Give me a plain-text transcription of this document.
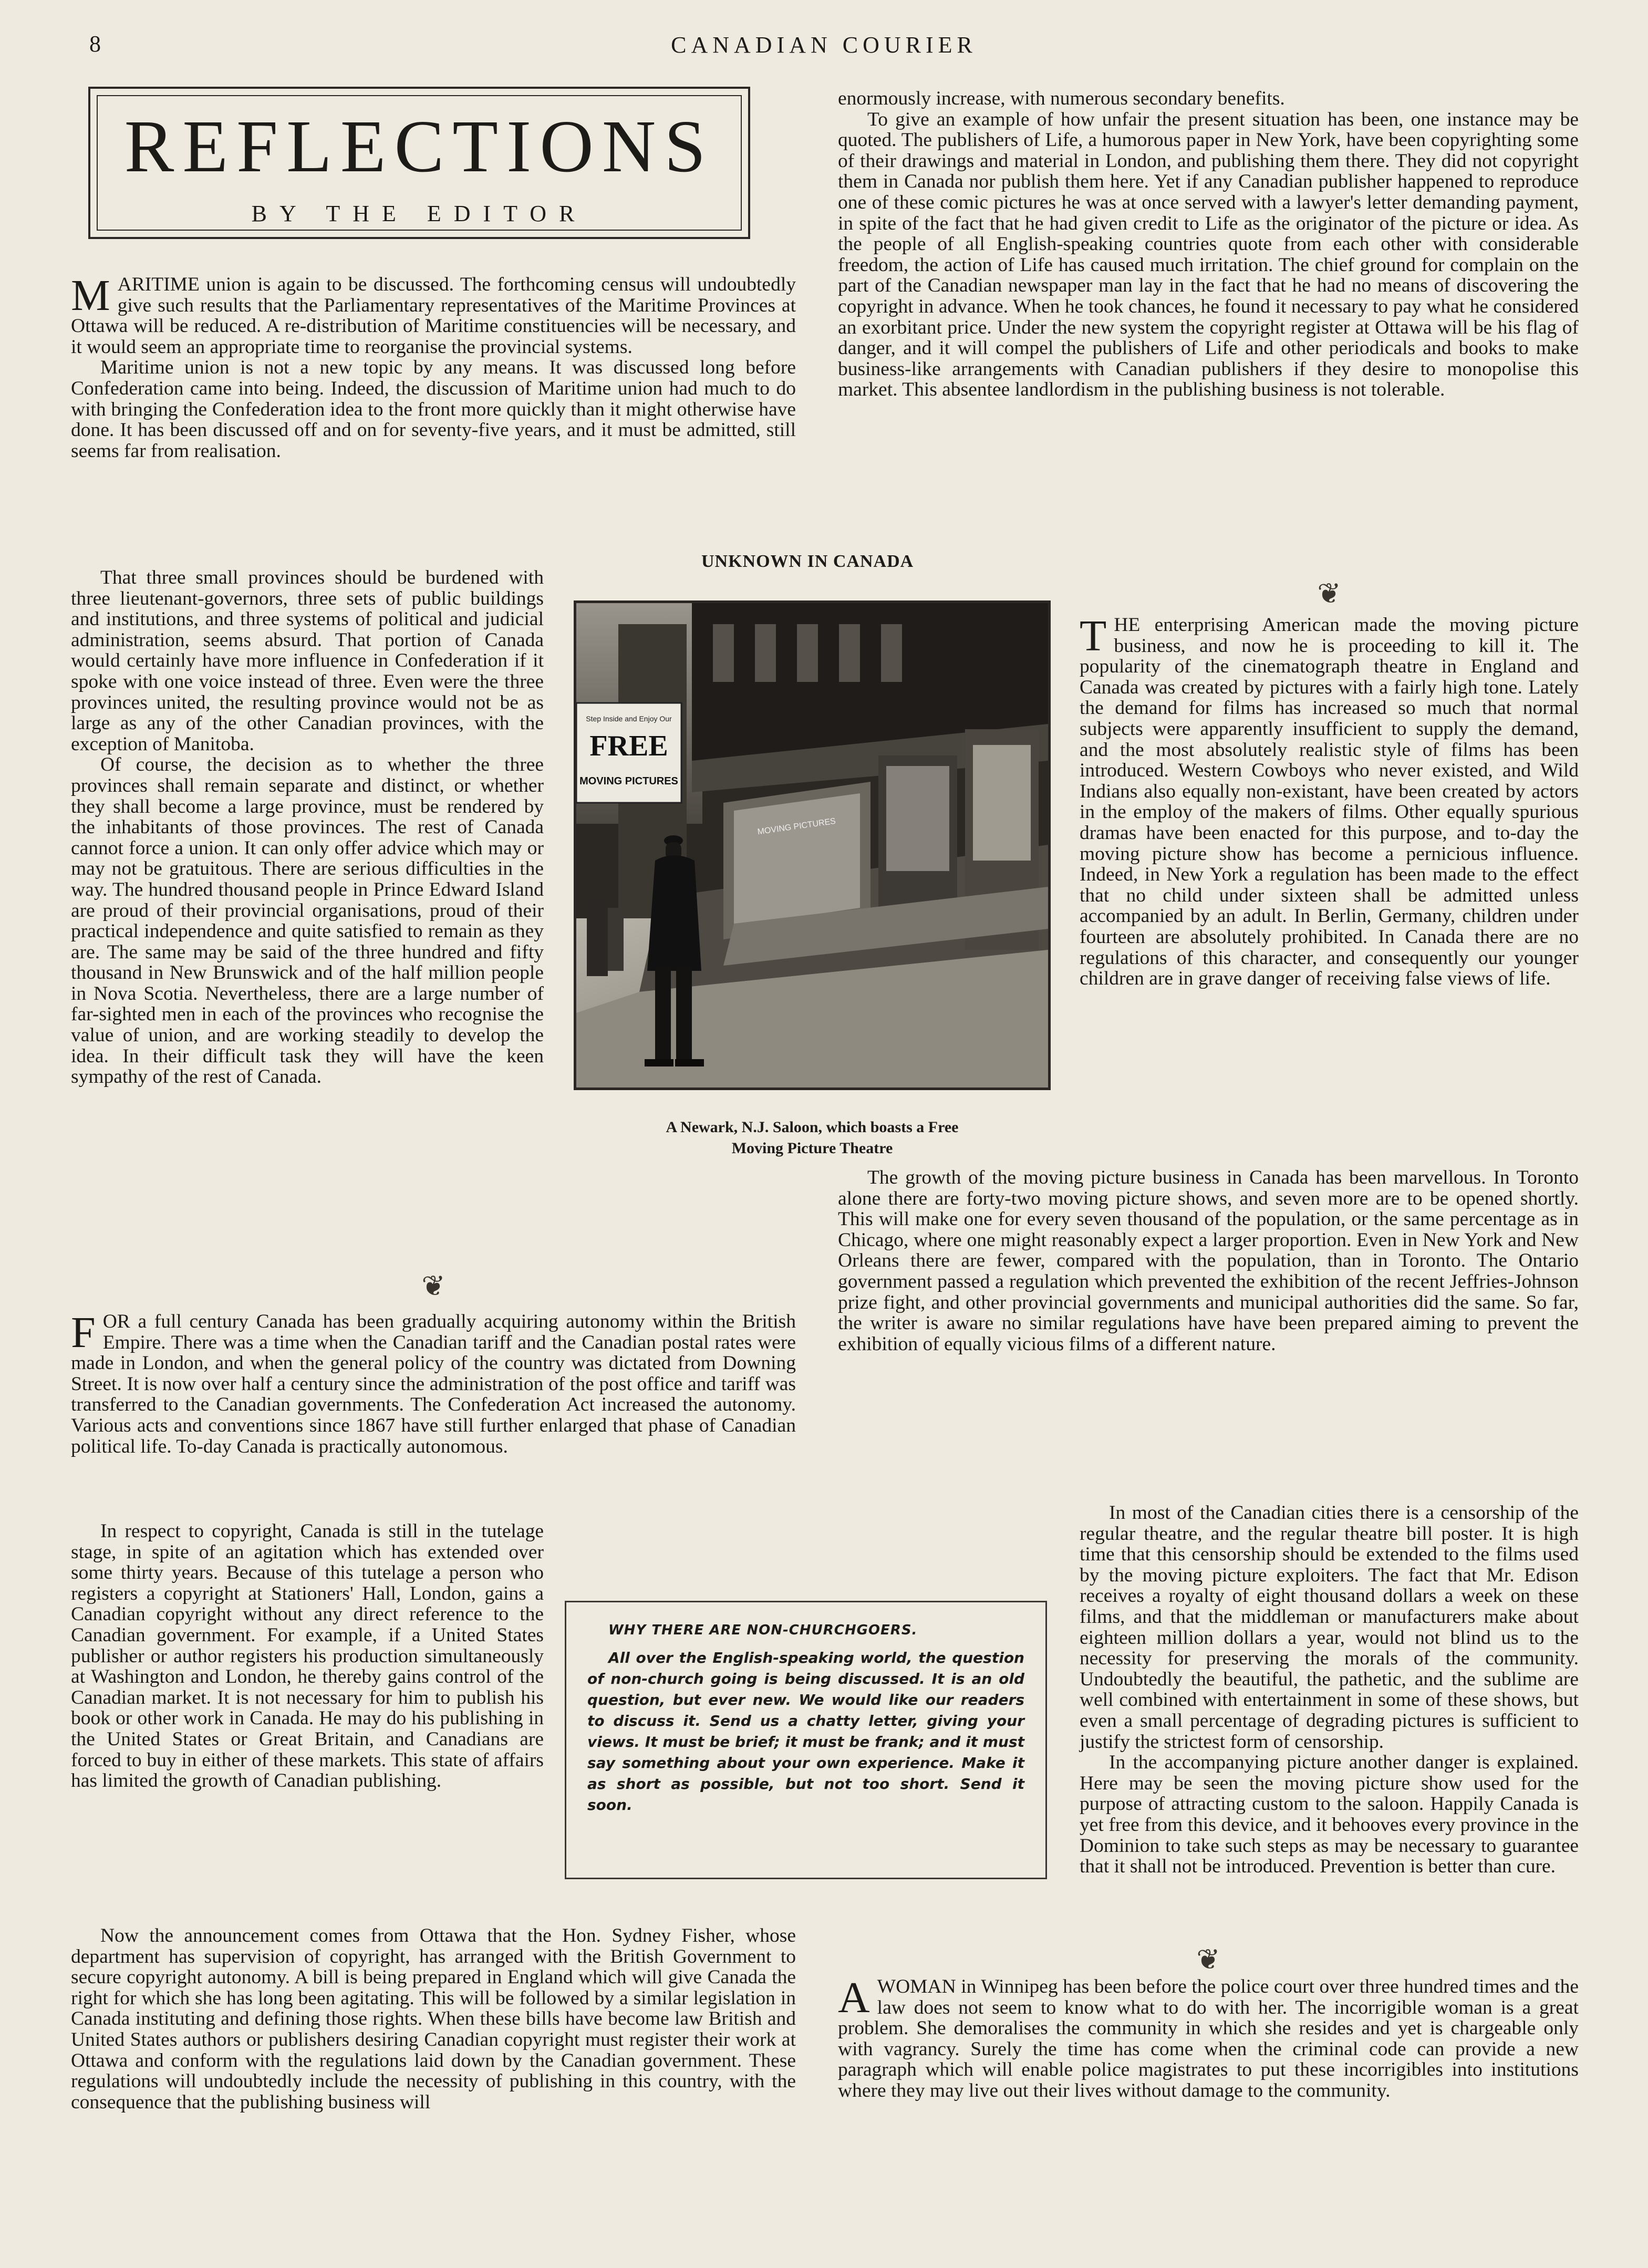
8	CANADIAN COURIER
REFLECTIONS
BY THE EDITOR

MARITIME union is again to be discussed. The forthcoming census will undoubtedly give such results that the Parliamentary representatives of the Maritime Provinces at Ottawa will be reduced. A re-distribution of Maritime constituencies will be necessary, and it would seem an appropriate time to reorganise the provincial systems.

Maritime union is not a new topic by any means. It was discussed long before Confederation came into being. Indeed, the discussion of Maritime union had much to do with bringing the Confederation idea to the front more quickly than it might otherwise have done. It has been discussed off and on for seventy-five years, and it must be admitted, still seems far from realisation.

That three small provinces should be burdened with three lieutenant-governors, three sets of public buildings and institutions, and three systems of political and judicial administration, seems absurd. That portion of Canada would certainly have more influence in Confederation if it spoke with one voice instead of three. Even were the three provinces united, the resulting province would not be as large as any of the other Canadian provinces, with the exception of Manitoba.

Of course, the decision as to whether the three provinces shall remain separate and distinct, or whether they shall become a large province, must be rendered by the inhabitants of those provinces. The rest of Canada cannot force a union. It can only offer advice which may or may not be gratuitous. There are serious difficulties in the way. The hundred thousand people in Prince Edward Island are proud of their provincial organisations, proud of their practical independence and quite satisfied to remain as they are. The same may be said of the three hundred and fifty thousand in New Brunswick and of the half million people in Nova Scotia. Nevertheless, there are a large number of far-sighted men in each of the provinces who recognise the value of union, and are working steadily to develop the idea. In their difficult task they will have the keen sympathy of the rest of Canada.

❦

FOR a full century Canada has been gradually acquiring autonomy within the British Empire. There was a time when the Canadian tariff and the Canadian postal rates were made in London, and when the general policy of the country was dictated from Downing Street. It is now over half a century since the administration of the post office and tariff was transferred to the Canadian governments. The Confederation Act increased the autonomy. Various acts and conventions since 1867 have still further enlarged that phase of Canadian political life. To-day Canada is practically autonomous.

In respect to copyright, Canada is still in the tutelage stage, in spite of an agitation which has extended over some thirty years. Because of this tutelage a person who registers a copyright at Stationers' Hall, London, gains a Canadian copyright without any direct reference to the Canadian government. For example, if a United States publisher or author registers his production simultaneously at Washington and London, he thereby gains control of the Canadian market. It is not necessary for him to publish his book or other work in Canada. He may do his publishing in the United States or Great Britain, and Canadians are forced to buy in either of these markets. This state of affairs has limited the growth of Canadian publishing.

Now the announcement comes from Ottawa that the Hon. Sydney Fisher, whose department has supervision of copyright, has arranged with the British Government to secure copyright autonomy. A bill is being prepared in England which will give Canada the right for which she has long been agitating. This will be followed by a similar legislation in Canada instituting and defining those rights. When these bills have become law British and United States authors or publishers desiring Canadian copyright must register their work at Ottawa and conform with the regulations laid down by the Canadian government. These regulations will undoubtedly include the necessity of publishing in this country, with the consequence that the publishing business will

enormously increase, with numerous secondary benefits.

To give an example of how unfair the present situation has been, one instance may be quoted. The publishers of Life, a humorous paper in New York, have been copyrighting some of their drawings and material in London, and publishing them there. They did not copyright them in Canada nor publish them here. Yet if any Canadian publisher happened to reproduce one of these comic pictures he was at once served with a lawyer's letter demanding payment, in spite of the fact that he had given credit to Life as the originator of the picture or idea. As the people of all English-speaking countries quote from each other with considerable freedom, the action of Life has caused much irritation. The chief ground for complain on the part of the Canadian newspaper man lay in the fact that he had no means of discovering the copyright in advance. When he took chances, he found it necessary to pay what he considered an exorbitant price. Under the new system the copyright register at Ottawa will be his flag of danger, and it will compel the publishers of Life and other periodicals and books to make business-like arrangements with Canadian publishers if they desire to monopolise this market. This absentee landlordism in the publishing business is not tolerable.

❦

THE enterprising American made the moving picture business, and now he is proceeding to kill it. The popularity of the cinematograph theatre in England and Canada was created by pictures with a fairly high tone. Lately the demand for films has increased so much that normal subjects were apparently insufficient to supply the demand, and the most absolutely realistic style of films has been introduced. Western Cowboys who never existed, and Wild Indians also equally non-existant, have been created by actors in the employ of the makers of films. Other equally spurious dramas have been enacted for this purpose, and to-day the moving picture show has become a pernicious influence. Indeed, in New York a regulation has been made to the effect that no child under sixteen shall be admitted unless accompanied by an adult. In Berlin, Germany, children under fourteen are absolutely prohibited. In Canada there are no regulations of this character, and consequently our younger children are in grave danger of receiving false views of life.

The growth of the moving picture business in Canada has been marvellous. In Toronto alone there are forty-two moving picture shows, and seven more are to be opened shortly. This will make one for every seven thousand of the population, or the same percentage as in Chicago, where one might reasonably expect a larger proportion. Even in New York and New Orleans there are fewer, compared with the population, than in Toronto. The Ontario government passed a regulation which prevented the exhibition of the recent Jeffries-Johnson prize fight, and other provincial governments and municipal authorities did the same. So far, the writer is aware no similar regulations have have been prepared aiming to prevent the exhibition of equally vicious films of a different nature.

In most of the Canadian cities there is a censorship of the regular theatre, and the regular theatre bill poster. It is high time that this censorship should be extended to the films used by the moving picture exploiters. The fact that Mr. Edison receives a royalty of eight thousand dollars a week on these films, and that the middleman or manufacturers make about eighteen million dollars a year, would not blind us to the necessity for preserving the morals of the community. Undoubtedly the beautiful, the pathetic, and the sublime are well combined with entertainment in some of these shows, but even a small percentage of degrading pictures is sufficient to justify the strictest form of censorship.

In the accompanying picture another danger is explained. Here may be seen the moving picture show used for the purpose of attracting custom to the saloon. Happily Canada is yet free from this device, and it behooves every province in the Dominion to take such steps as may be necessary to guarantee that it shall not be introduced. Prevention is better than cure.

❦

AWOMAN in Winnipeg has been before the police court over three hundred times and the law does not seem to know what to do with her. The incorrigible woman is a great problem. She demoralises the community in which she resides and yet is chargeable only with vagrancy. Surely the time has come when the criminal code can provide a new paragraph which will enable police magistrates to put these incorrigibles into institutions where they may live out their lives without damage to the community.

UNKNOWN IN CANADA
Step Inside and Enjoy Our
FREE
MOVING PICTURES
MOVING PICTURES
A Newark, N.J. Saloon, which boasts a Free
Moving Picture Theatre
WHY THERE ARE NON-CHURCHGOERS.

All over the English-speaking world, the question of non-church going is being discussed. It is an old question, but ever new. We would like our readers to discuss it. Send us a chatty letter, giving your views. It must be brief; it must be frank; and it must say something about your own experience. Make it as short as possible, but not too short. Send it soon.
